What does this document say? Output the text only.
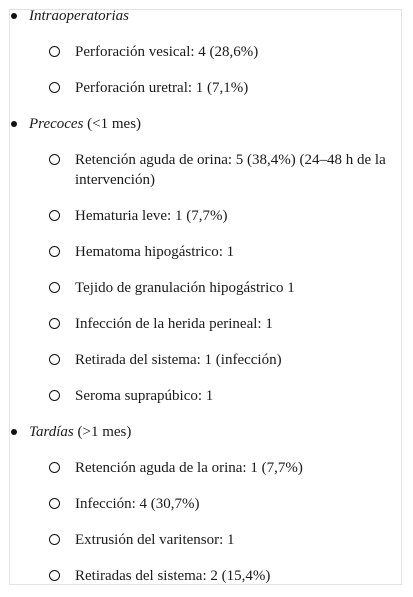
Intraoperatorias
Perforación vesical: 4 (28,6%)
Perforación uretral: 1 (7,1%)
Precoces (<1 mes)
Retención aguda de orina: 5 (38,4%) (24–48 h de la intervención)
Hematuria leve: 1 (7,7%)
Hematoma hipogástrico: 1
Tejido de granulación hipogástrico 1
Infección de la herida perineal: 1
Retirada del sistema: 1 (infección)
Seroma suprapúbico: 1
Tardías (>1 mes)
Retención aguda de la orina: 1 (7,7%)
Infección: 4 (30,7%)
Extrusión del varitensor: 1
Retiradas del sistema: 2 (15,4%)
